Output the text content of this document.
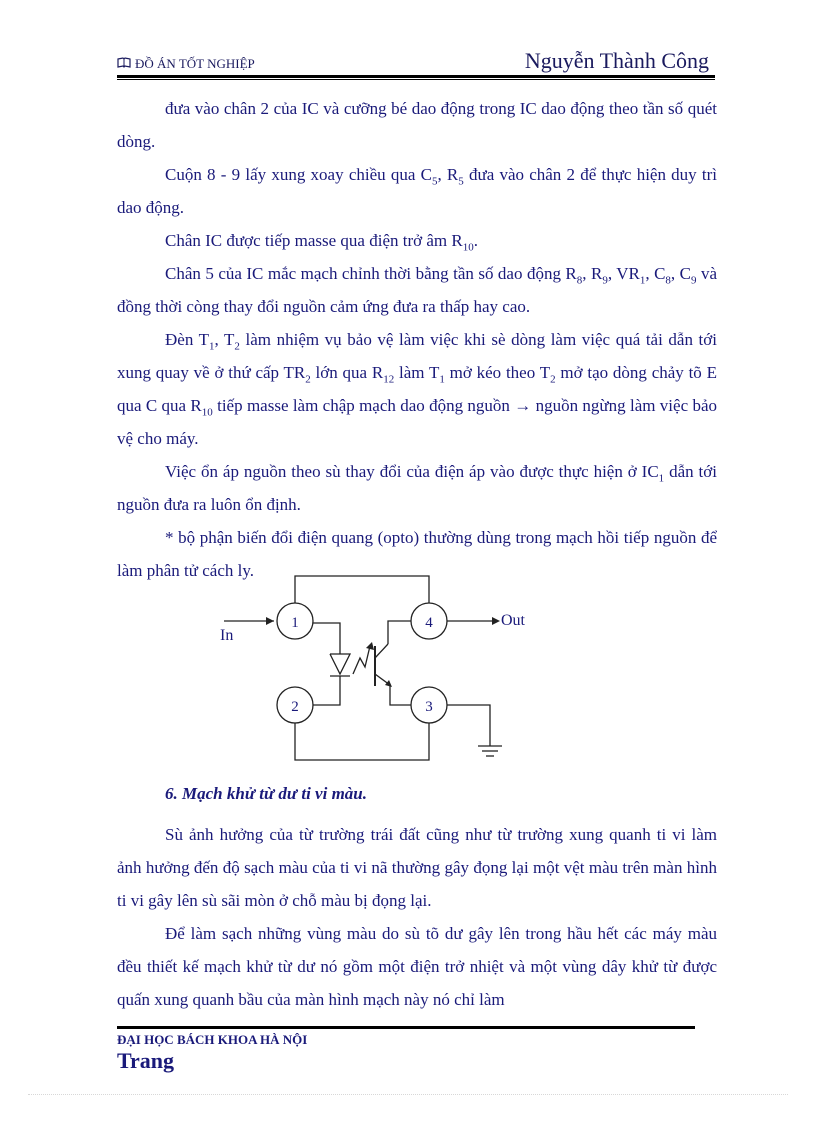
ĐỒ ÁN TỐT NGHIỆP	Nguyễn Thành Công

đưa vào chân 2 của IC và cưỡng bé dao động trong IC dao động theo tần số quét dòng.

Cuộn 8 - 9 lấy xung xoay chiều qua $C_5$, $R_5$ đưa vào chân 2 để thực hiện duy trì dao động.

Chân IC được tiếp masse qua điện trở âm $R_{10}$.

Chân 5 của IC mắc mạch chỉnh thời bằng tần số dao động $R_8$, $R_9$, $VR_1$, $C_8$, $C_9$ và đồng thời còng thay đổi nguồn cảm ứng đưa ra thấp hay cao.

Đèn $T_1$, $T_2$ làm nhiệm vụ bảo vệ làm việc khi sè dòng làm việc quá tải dẫn tới xung quay về ở thứ cấp $TR_2$ lớn qua $R_{12}$ làm $T_1$ mở kéo theo $T_2$ mở tạo dòng chảy tõ E qua C qua $R_{10}$ tiếp masse làm chập mạch dao động nguồn → nguồn ngừng làm việc bảo vệ cho máy.

Việc ổn áp nguồn theo sù thay đổi của điện áp vào được thực hiện ở $IC_1$ dẫn tới nguồn đưa ra luôn ổn định.

* bộ phận biến đổi điện quang (opto) thường dùng trong mạch hồi tiếp nguồn để làm phân tử cách ly.

1
2	3
4
In
Out
6. Mạch khử từ dư ti vi màu.

Sù ảnh hưởng của từ trường trái đất cũng như từ trường xung quanh ti vi làm ảnh hưởng đến độ sạch màu của ti vi nã thường gây đọng lại một vệt màu trên màn hình ti vi gây lên sù sãi mòn ở chỗ màu bị đọng lại.

Để làm sạch những vùng màu do sù tõ dư gây lên trong hầu hết các máy màu đều thiết kế mạch khử từ dư nó gồm một điện trở nhiệt và một vùng dây khử từ được quấn xung quanh bầu của màn hình mạch này nó chỉ làm

ĐẠI HỌC BÁCH KHOA HÀ NỘI
Trang
